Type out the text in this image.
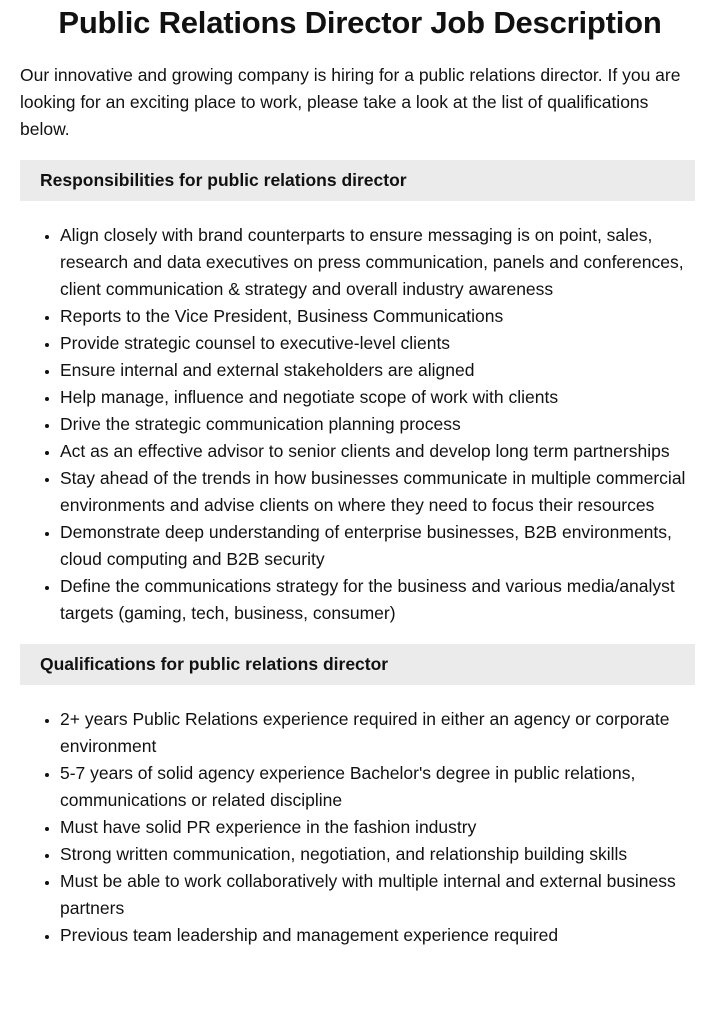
Public Relations Director Job Description

Our innovative and growing company is hiring for a public relations director. If you are looking for an exciting place to work, please take a look at the list of qualifications below.

Responsibilities for public relations director
• Align closely with brand counterparts to ensure messaging is on point, sales, research and data executives on press communication, panels and conferences, client communication & strategy and overall industry awareness
• Reports to the Vice President, Business Communications
• Provide strategic counsel to executive-level clients
• Ensure internal and external stakeholders are aligned
• Help manage, influence and negotiate scope of work with clients
• Drive the strategic communication planning process
• Act as an effective advisor to senior clients and develop long term partnerships
• Stay ahead of the trends in how businesses communicate in multiple commercial environments and advise clients on where they need to focus their resources
• Demonstrate deep understanding of enterprise businesses, B2B environments, cloud computing and B2B security
• Define the communications strategy for the business and various media/analyst targets (gaming, tech, business, consumer)
Qualifications for public relations director
• 2+ years Public Relations experience required in either an agency or corporate environment
• 5-7 years of solid agency experience Bachelor's degree in public relations, communications or related discipline
• Must have solid PR experience in the fashion industry
• Strong written communication, negotiation, and relationship building skills
• Must be able to work collaboratively with multiple internal and external business partners
• Previous team leadership and management experience required
